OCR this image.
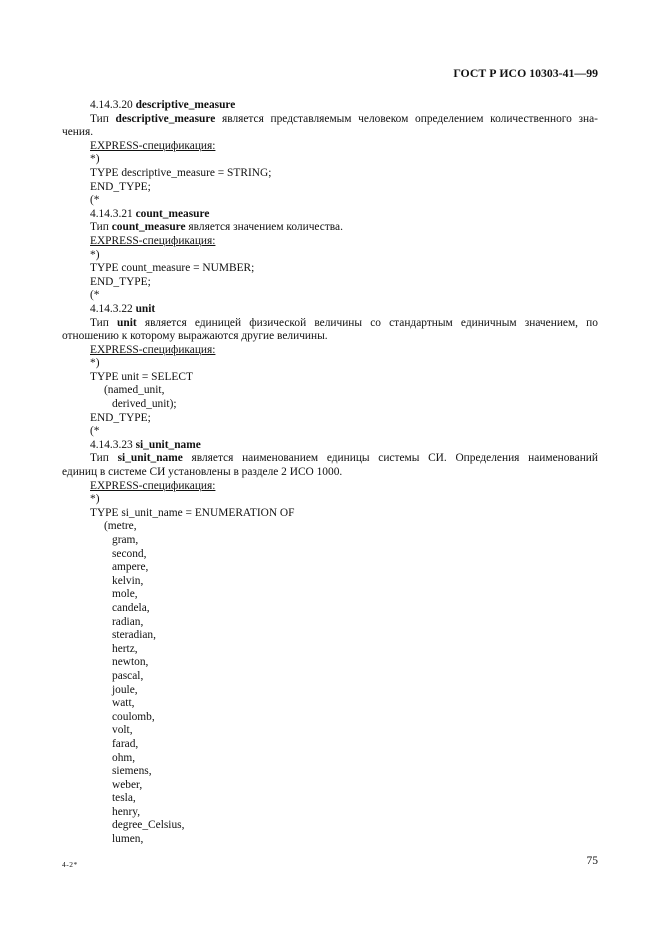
ГОСТ Р ИСО 10303-41—99
4.14.3.20 descriptive_measure
Тип descriptive_measure является представляемым человеком определением количественного зна-
чения.
EXPRESS-спецификация:
*)
TYPE descriptive_measure = STRING;
END_TYPE;
(*
4.14.3.21 count_measure
Тип count_measure является значением количества.
EXPRESS-спецификация:
*)
TYPE count_measure = NUMBER;
END_TYPE;
(*
4.14.3.22 unit
Тип unit является единицей физической величины со стандартным единичным значением, по
отношению к которому выражаются другие величины.
EXPRESS-спецификация:
*)
TYPE unit = SELECT
(named_unit,
derived_unit);
END_TYPE;
(*
4.14.3.23 si_unit_name
Тип si_unit_name является наименованием единицы системы СИ. Определения наименований
единиц в системе СИ установлены в разделе 2 ИСО 1000.
EXPRESS-спецификация:
*)
TYPE si_unit_name = ENUMERATION OF
(metre,
gram,
second,
ampere,
kelvin,
mole,
candela,
radian,
steradian,
hertz,
newton,
pascal,
joule,
watt,
coulomb,
volt,
farad,
ohm,
siemens,
weber,
tesla,
henry,
degree_Celsius,
lumen,
4-2*	75
